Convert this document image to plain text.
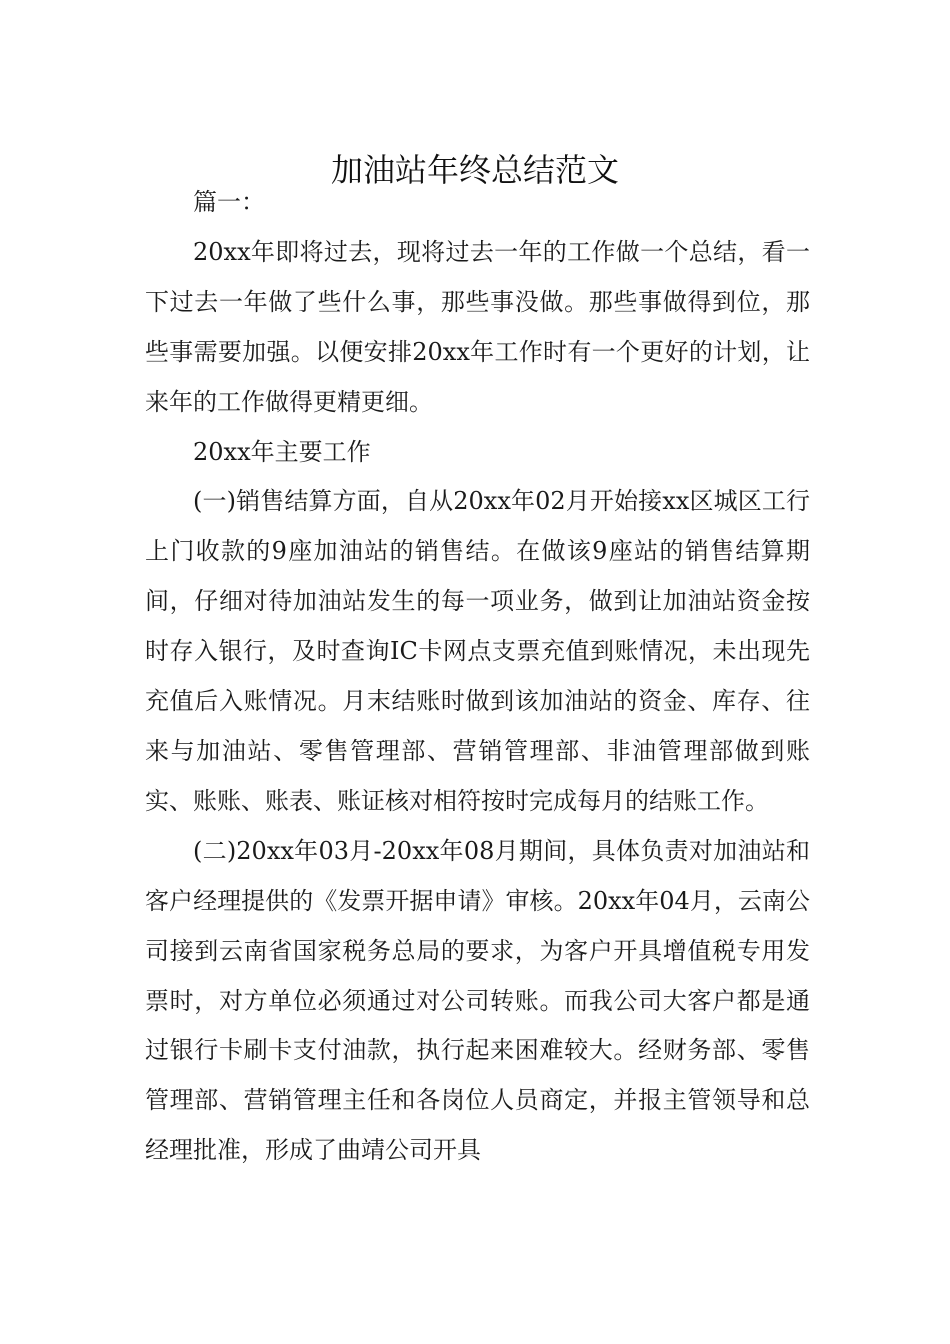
加油站年终总结范文

篇一：

20xx年即将过去，现将过去一年的工作做一个总结，看一下过去一年做了些什么事，那些事没做。那些事做得到位，那些事需要加强。以便安排20xx年工作时有一个更好的计划，让来年的工作做得更精更细。

20xx年主要工作

(一)销售结算方面，自从20xx年02月开始接xx区城区工行上门收款的9座加油站的销售结。在做该9座站的销售结算期间，仔细对待加油站发生的每一项业务，做到让加油站资金按时存入银行，及时查询IC卡网点支票充值到账情况，未出现先充值后入账情况。月末结账时做到该加油站的资金、库存、往来与加油站、零售管理部、营销管理部、非油管理部做到账实、账账、账表、账证核对相符按时完成每月的结账工作。

(二)20xx年03月-20xx年08月期间，具体负责对加油站和客户经理提供的《发票开据申请》审核。20xx年04月，云南公司接到云南省国家税务总局的要求，为客户开具增值税专用发票时，对方单位必须通过对公司转账。而我公司大客户都是通过银行卡刷卡支付油款，执行起来困难较大。经财务部、零售管理部、营销管理主任和各岗位人员商定，并报主管领导和总经理批准，形成了曲靖公司开具
